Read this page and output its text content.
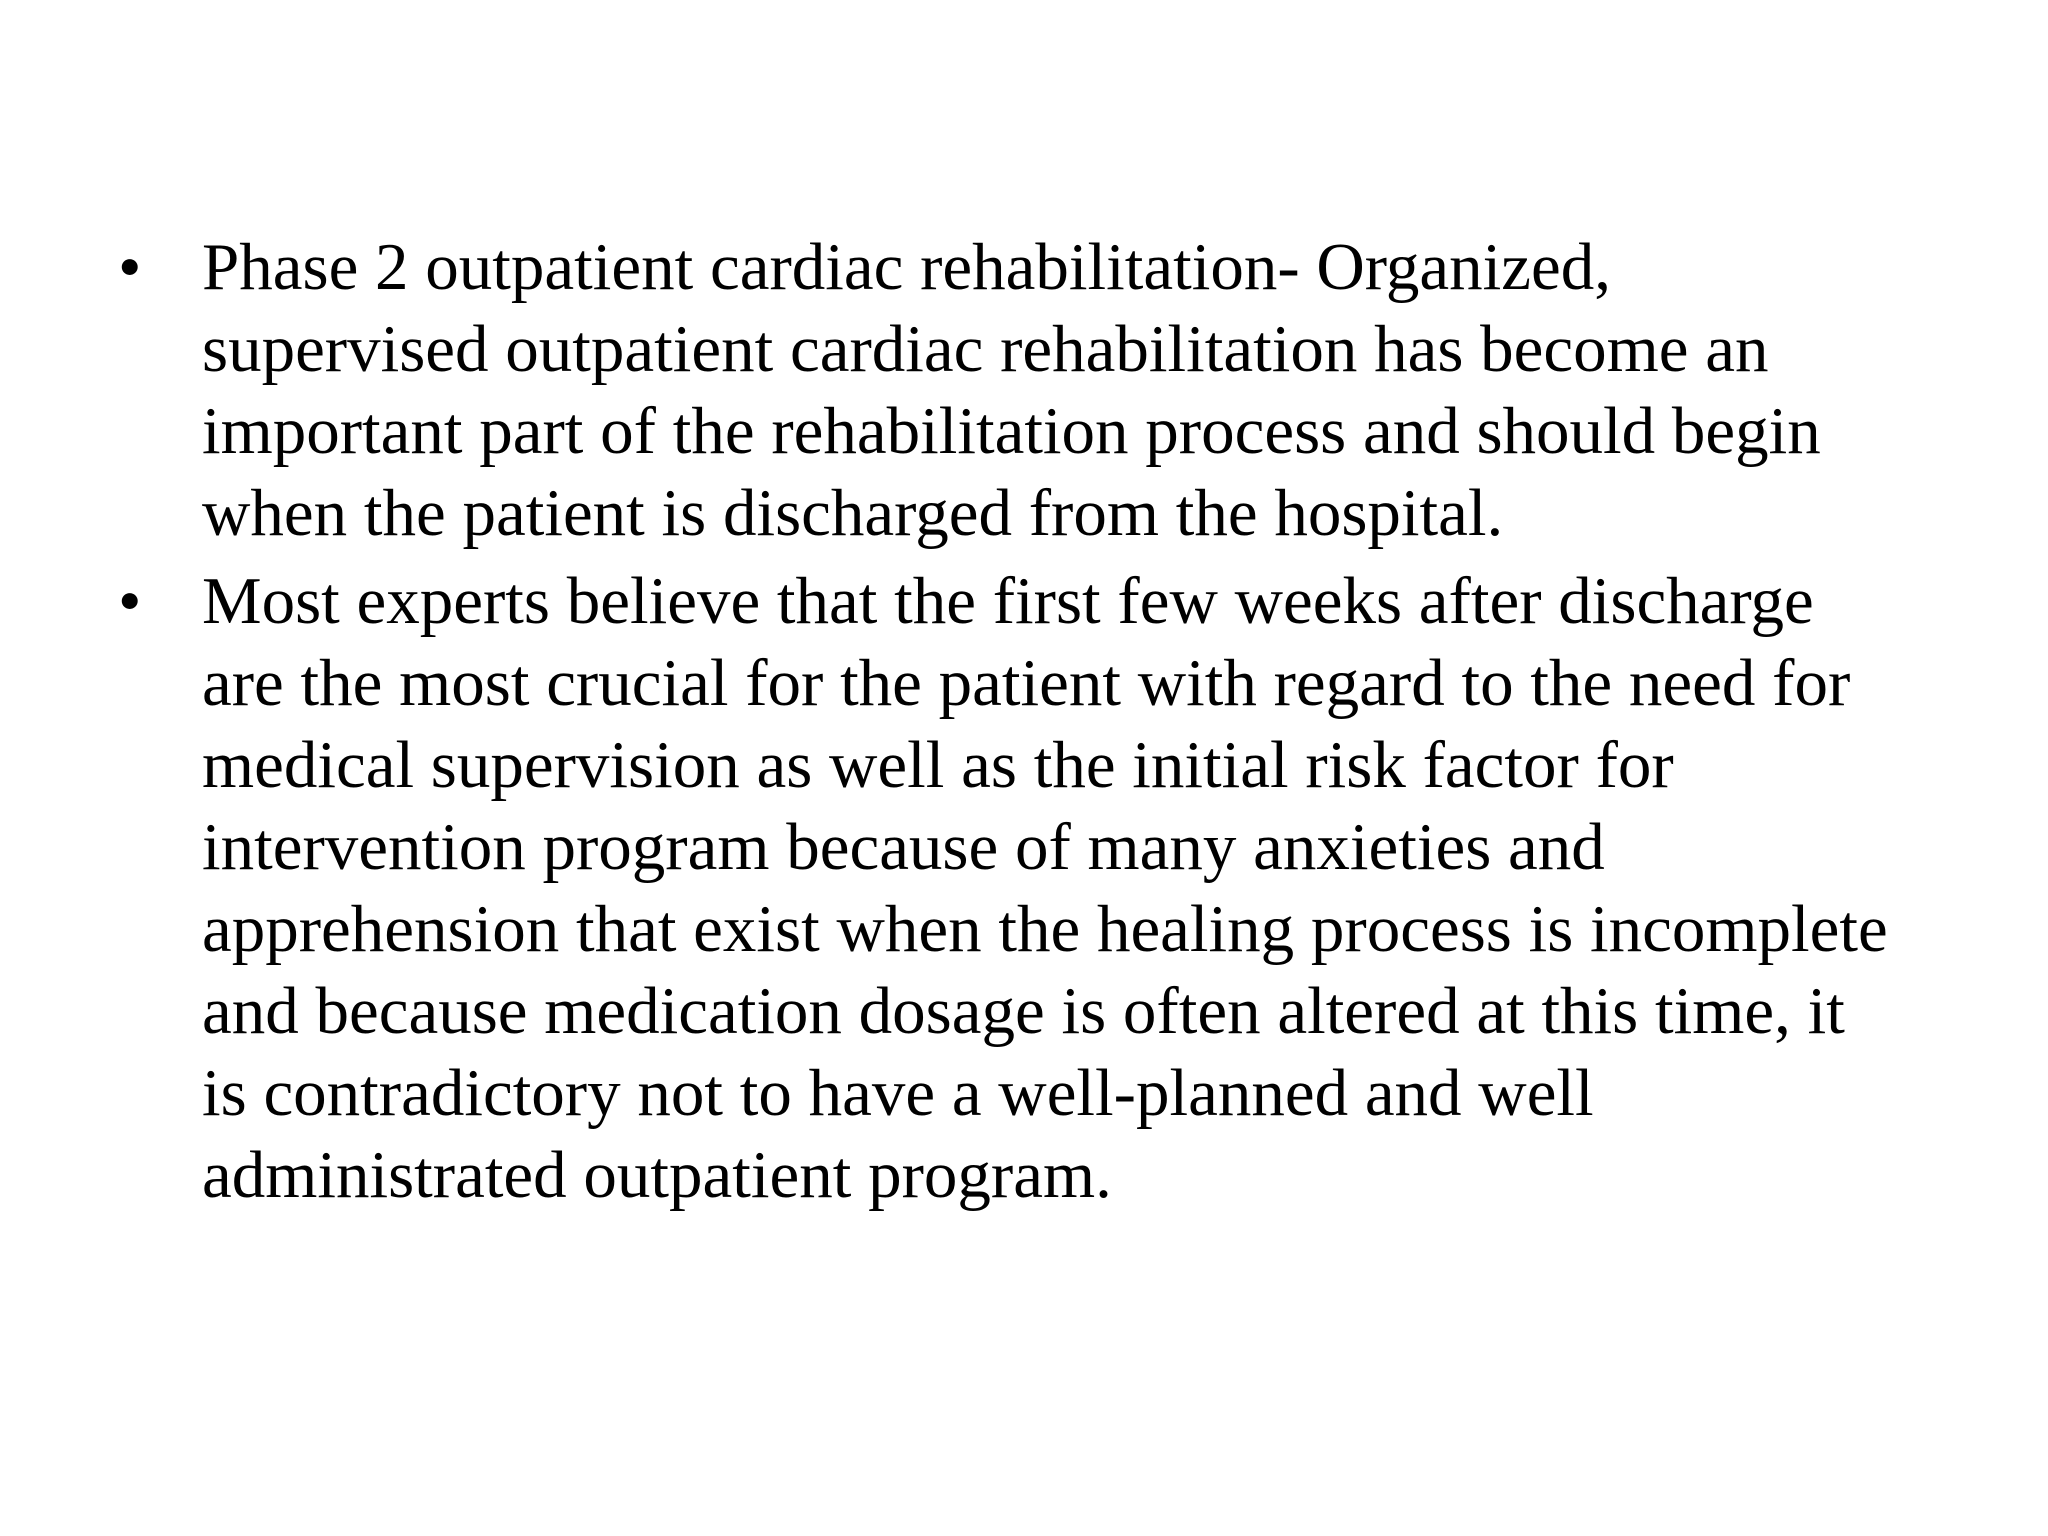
• Phase 2 outpatient cardiac rehabilitation- Organized,
supervised outpatient cardiac rehabilitation has become an
important part of the rehabilitation process and should begin
when the patient is discharged from the hospital.
• Most experts believe that the first few weeks after discharge
are the most crucial for the patient with regard to the need for
medical supervision as well as the initial risk factor for
intervention program because of many anxieties and
apprehension that exist when the healing process is incomplete
and because medication dosage is often altered at this time, it
is contradictory not to have a well-planned and well
administrated outpatient program.
